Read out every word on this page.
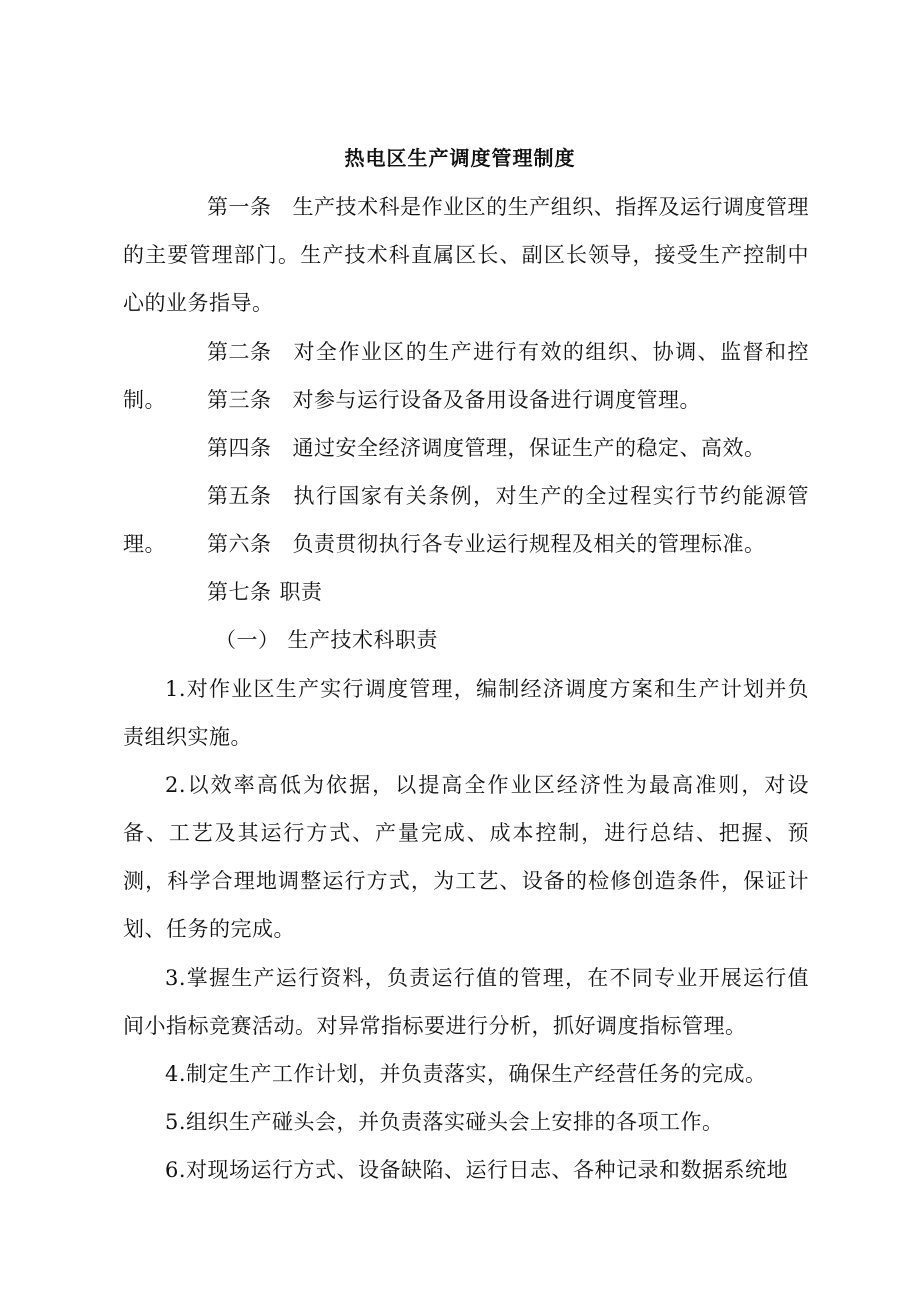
热电区生产调度管理制度

第一条 生产技术科是作业区的生产组织、指挥及运行调度管理的主要管理部门。生产技术科直属区长、副区长领导，接受生产控制中心的业务指导。

第二条 对全作业区的生产进行有效的组织、协调、监督和控制。	第三条 对参与运行设备及备用设备进行调度管理。

第四条 通过安全经济调度管理，保证生产的稳定、高效。

第五条 执行国家有关条例，对生产的全过程实行节约能源管理。	第六条 负责贯彻执行各专业运行规程及相关的管理标准。

第七条 职责

（一） 生产技术科职责

1.对作业区生产实行调度管理，编制经济调度方案和生产计划并负责组织实施。

2.以效率高低为依据，以提高全作业区经济性为最高准则，对设备、工艺及其运行方式、产量完成、成本控制，进行总结、把握、预测，科学合理地调整运行方式，为工艺、设备的检修创造条件，保证计划、任务的完成。

3.掌握生产运行资料，负责运行值的管理，在不同专业开展运行值间小指标竞赛活动。对异常指标要进行分析，抓好调度指标管理。

4.制定生产工作计划，并负责落实，确保生产经营任务的完成。

5.组织生产碰头会，并负责落实碰头会上安排的各项工作。

6.对现场运行方式、设备缺陷、运行日志、各种记录和数据系统地
